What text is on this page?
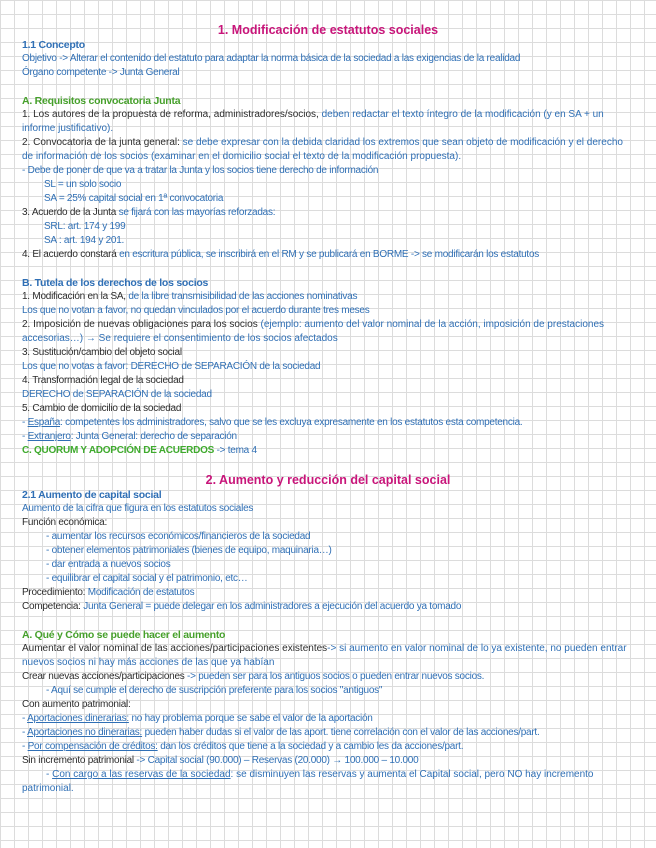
1. Modificación de estatutos sociales
1.1 Concepto
Objetivo -> Alterar el contenido del estatuto para adaptar la norma básica de la sociedad a las exigencias de la realidad
Órgano competente -> Junta General
A. Requisitos convocatoria Junta
1. Los autores de la propuesta de reforma, administradores/socios, deben redactar el texto íntegro de la modificación (y en SA + un informe justificativo).
2. Convocatoria de la junta general: se debe expresar con la debida claridad los extremos que sean objeto de modificación y el derecho de información de los socios (examinar en el domicilio social el texto de la modificación propuesta).
- Debe de poner de que va a tratar la Junta y los socios tiene derecho de información
SL = un solo socio
SA = 25% capital social en 1ª convocatoria
3. Acuerdo de la Junta se fijará con las mayorías reforzadas:
SRL: art. 174 y 199
SA : art. 194 y 201.
4. El acuerdo constará en escritura pública, se inscribirá en el RM y se publicará en BORME -> se modificarán los estatutos
B. Tutela de los derechos de los socios
1. Modificación en la SA, de la libre transmisibilidad de las acciones nominativas
Los que no votan a favor, no quedan vinculados por el acuerdo durante tres meses
2. Imposición de nuevas obligaciones para los socios (ejemplo: aumento del valor nominal de la acción, imposición de prestaciones accesorias…) → Se requiere el consentimiento de los socios afectados
3. Sustitución/cambio del objeto social
Los que no votas a favor: DERECHO de SEPARACIÓN de la sociedad
4. Transformación legal de la sociedad
DERECHO de SEPARACIÓN de la sociedad
5. Cambio de domicilio de la sociedad
- España: competentes los administradores, salvo que se les excluya expresamente en los estatutos esta competencia.
- Extranjero: Junta General: derecho de separación
C. QUORUM Y ADOPCIÓN DE ACUERDOS -> tema 4
2. Aumento y reducción del capital social
2.1 Aumento de capital social
Aumento de la cifra que figura en los estatutos sociales
Función económica:
- aumentar los recursos económicos/financieros de la sociedad
- obtener elementos patrimoniales (bienes de equipo, maquinaria…)
- dar entrada a nuevos socios
- equilibrar el capital social y el patrimonio, etc…
Procedimiento: Modificación de estatutos
Competencia: Junta General = puede delegar en los administradores a ejecución del acuerdo ya tomado
A. Qué y Cómo se puede hacer el aumento
Aumentar el valor nominal de las acciones/participaciones existentes-> si aumento en valor nominal de lo ya existente, no pueden entrar nuevos socios ni hay más acciones de las que ya habían
Crear nuevas acciones/participaciones -> pueden ser para los antiguos socios o pueden entrar nuevos socios.
- Aquí se cumple el derecho de suscripción preferente para los socios "antiguos"
Con aumento patrimonial:
- Aportaciones dinerarias: no hay problema porque se sabe el valor de la aportación
- Aportaciones no dinerarias: pueden haber dudas si el valor de las aport. tiene correlación con el valor de las acciones/part.
- Por compensación de créditos: dan los créditos que tiene a la sociedad y a cambio les da acciones/part.
Sin incremento patrimonial -> Capital social (90.000) – Reservas (20.000) → 100.000 – 10.000
- Con cargo a las reservas de la sociedad: se disminuyen las reservas y aumenta el Capital social, pero NO hay incremento patrimonial.
